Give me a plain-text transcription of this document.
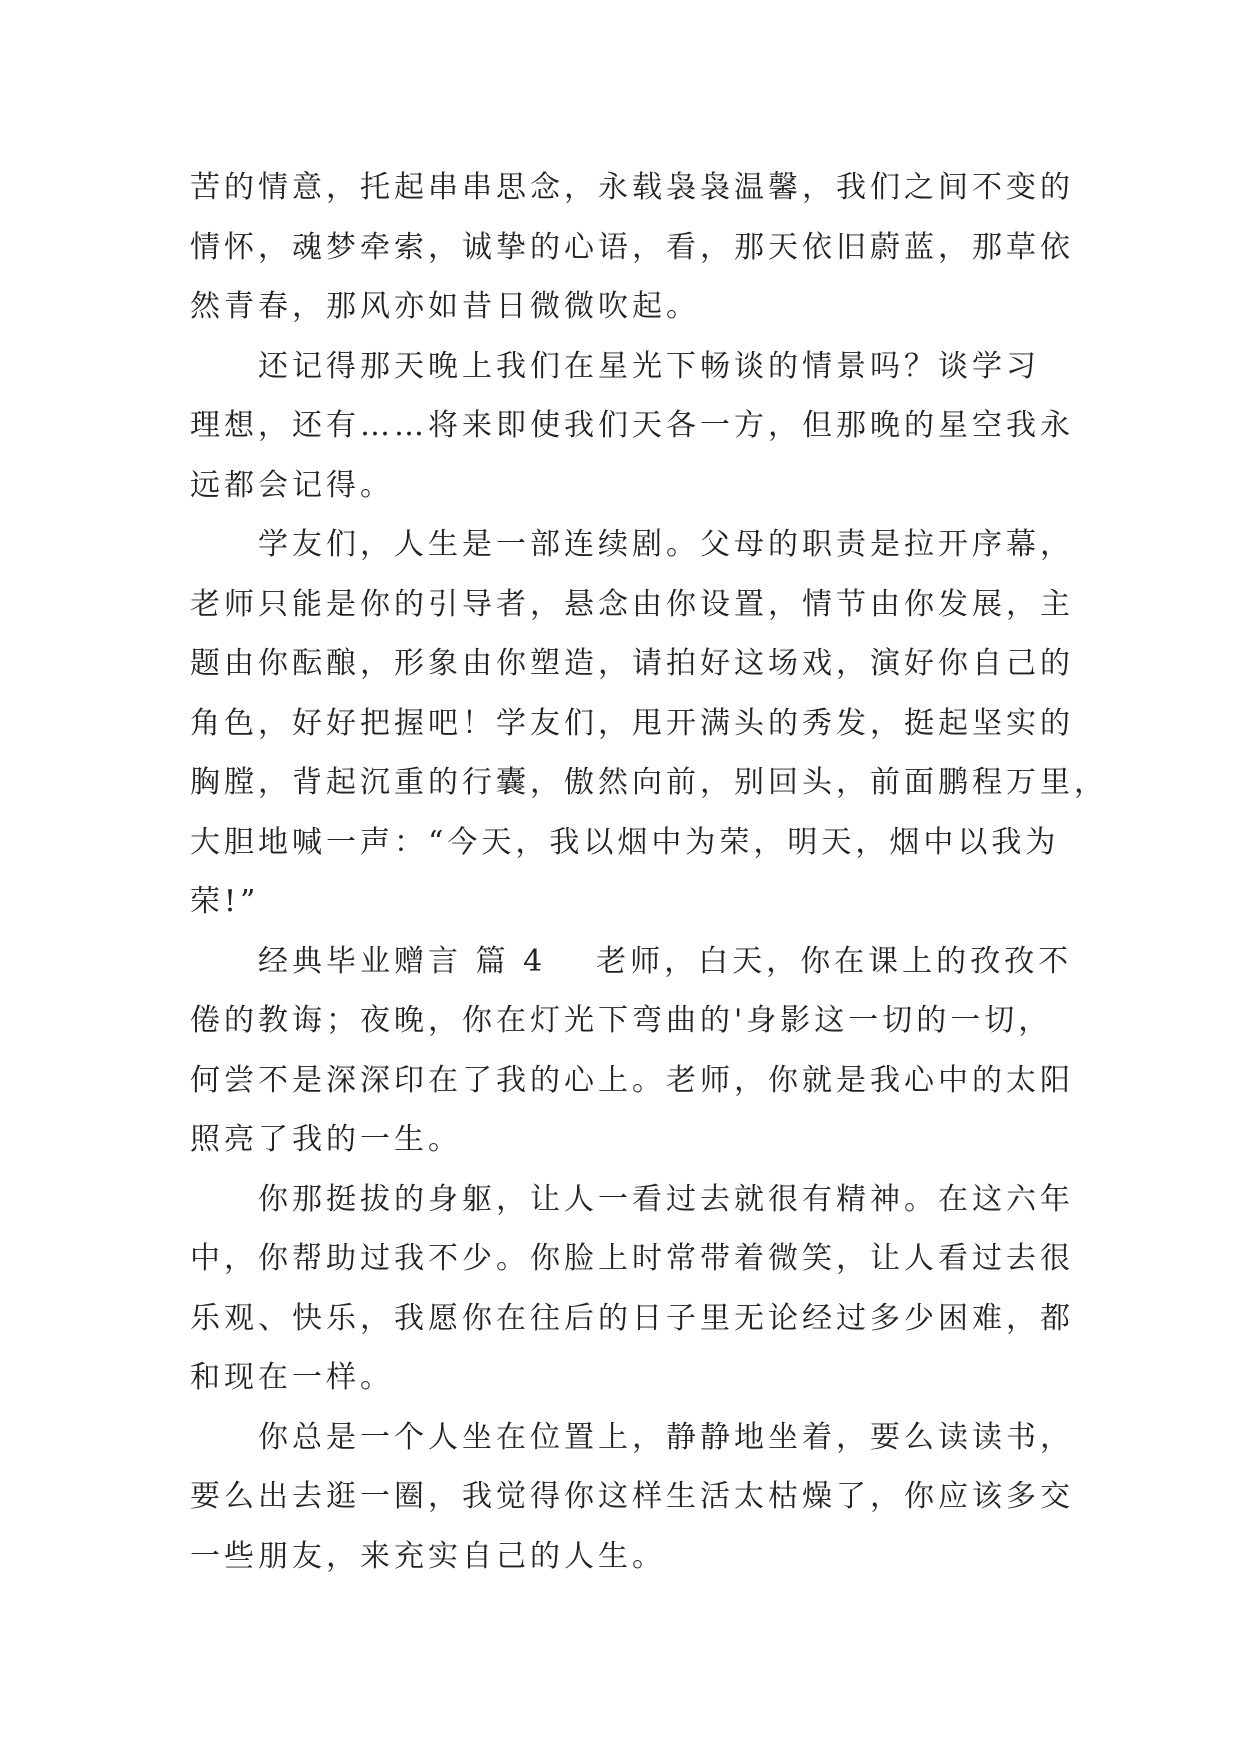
苦的情意，托起串串思念，永载袅袅温馨，我们之间不变的
情怀，魂梦牵索，诚挚的心语，看，那天依旧蔚蓝，那草依
然青春，那风亦如昔日微微吹起。

还记得那天晚上我们在星光下畅谈的情景吗？谈学习
理想，还有……将来即使我们天各一方，但那晚的星空我永
远都会记得。

学友们，人生是一部连续剧。父母的职责是拉开序幕，
老师只能是你的引导者，悬念由你设置，情节由你发展，主
题由你酝酿，形象由你塑造，请拍好这场戏，演好你自己的
角色，好好把握吧！学友们，甩开满头的秀发，挺起坚实的
胸膛，背起沉重的行囊，傲然向前，别回头，前面鹏程万里，
大胆地喊一声：“今天，我以烟中为荣，明天，烟中以我为
荣!”

经典毕业赠言 篇 4 老师，白天，你在课上的孜孜不
倦的教诲；夜晚，你在灯光下弯曲的'身影这一切的一切，
何尝不是深深印在了我的心上。老师，你就是我心中的太阳
照亮了我的一生。

你那挺拔的身躯，让人一看过去就很有精神。在这六年
中，你帮助过我不少。你脸上时常带着微笑，让人看过去很
乐观、快乐，我愿你在往后的日子里无论经过多少困难，都
和现在一样。

你总是一个人坐在位置上，静静地坐着，要么读读书，
要么出去逛一圈，我觉得你这样生活太枯燥了，你应该多交
一些朋友，来充实自己的人生。
